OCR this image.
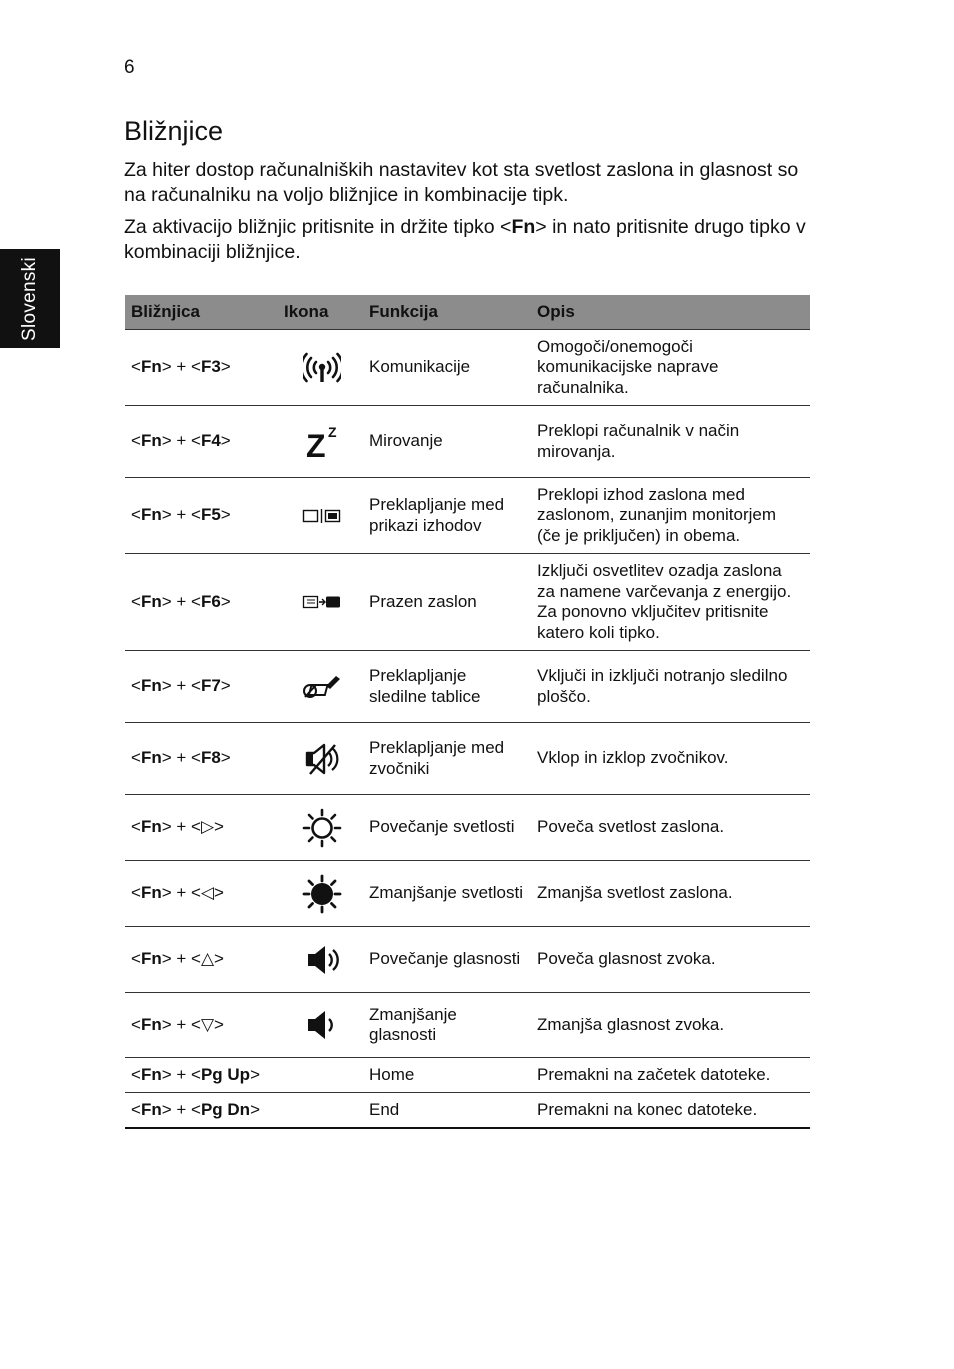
6
Slovenski
Bližnjice

Za hiter dostop računalniških nastavitev kot sta svetlost zaslona in glasnost so na računalniku na voljo bližnjice in kombinacije tipk.

Za aktivacijo bližnjic pritisnite in držite tipko <Fn> in nato pritisnite drugo tipko v kombinaciji bližnjice.

Bližnjica	Ikona	Funkcija	Opis
<Fn> + <F3>		Komunikacije	Omogoči/onemogoči komunikacijske naprave računalnika.
<Fn> + <F4>	Z Z	Mirovanje	Preklopi računalnik v način mirovanja.
<Fn> + <F5>		Preklapljanje med prikazi izhodov	Preklopi izhod zaslona med zaslonom, zunanjim monitorjem (če je priključen) in obema.
<Fn> + <F6>		Prazen zaslon	Izključi osvetlitev ozadja zaslona za namene varčevanja z energijo. Za ponovno vključitev pritisnite katero koli tipko.
<Fn> + <F7>		Preklapljanje sledilne tablice	Vključi in izključi notranjo sledilno ploščo.
<Fn> + <F8>		Preklapljanje med zvočniki	Vklop in izklop zvočnikov.
<Fn> + <▷>		Povečanje svetlosti	Poveča svetlost zaslona.
<Fn> + <◁>		Zmanjšanje svetlosti	Zmanjša svetlost zaslona.
<Fn> + <△>		Povečanje glasnosti	Poveča glasnost zvoka.
<Fn> + <▽>		Zmanjšanje glasnosti	Zmanjša glasnost zvoka.
<Fn> + <Pg Up>		Home	Premakni na začetek datoteke.
<Fn> + <Pg Dn>		End	Premakni na konec datoteke.
